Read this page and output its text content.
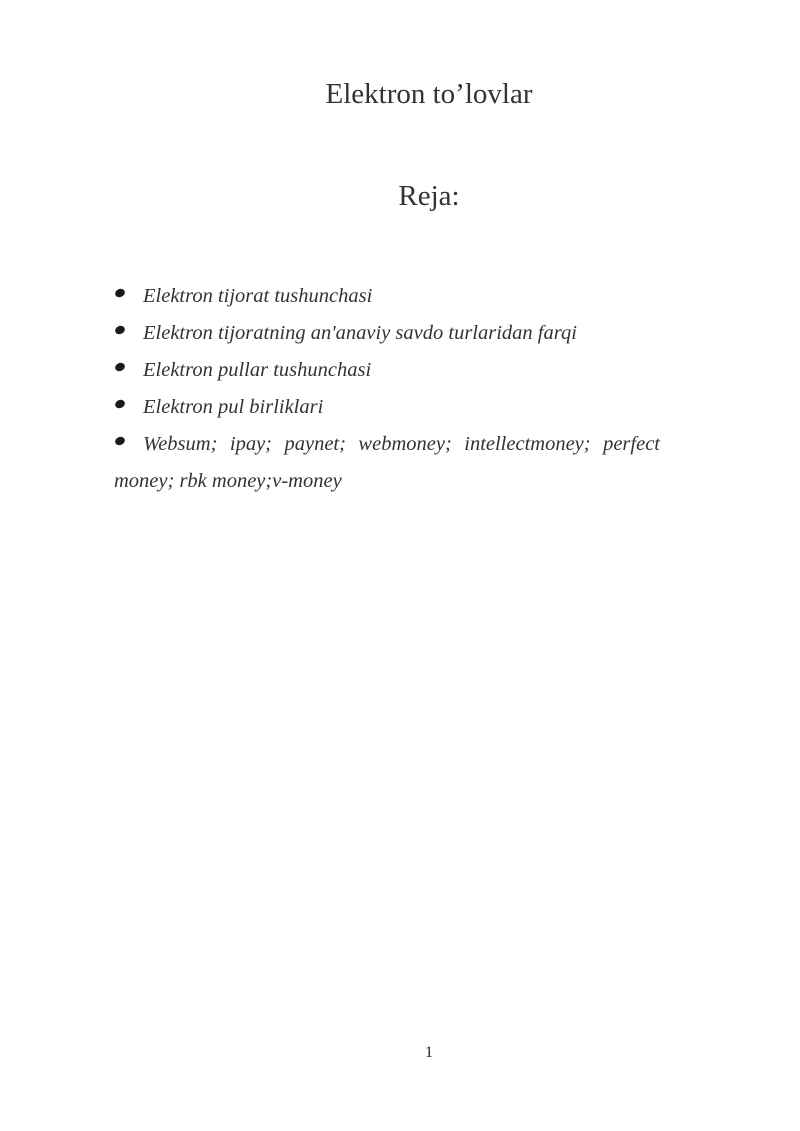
Elektron to’lovlar
Reja:
Elektron tijorat tushunchasi
Elektron tijoratning an'anaviy savdo turlaridan farqi
Elektron pullar tushunchasi
Elektron pul birliklari
Websum; ipay; paynet; webmoney; intellectmoney; perfect money; rbk money;v-money
1
